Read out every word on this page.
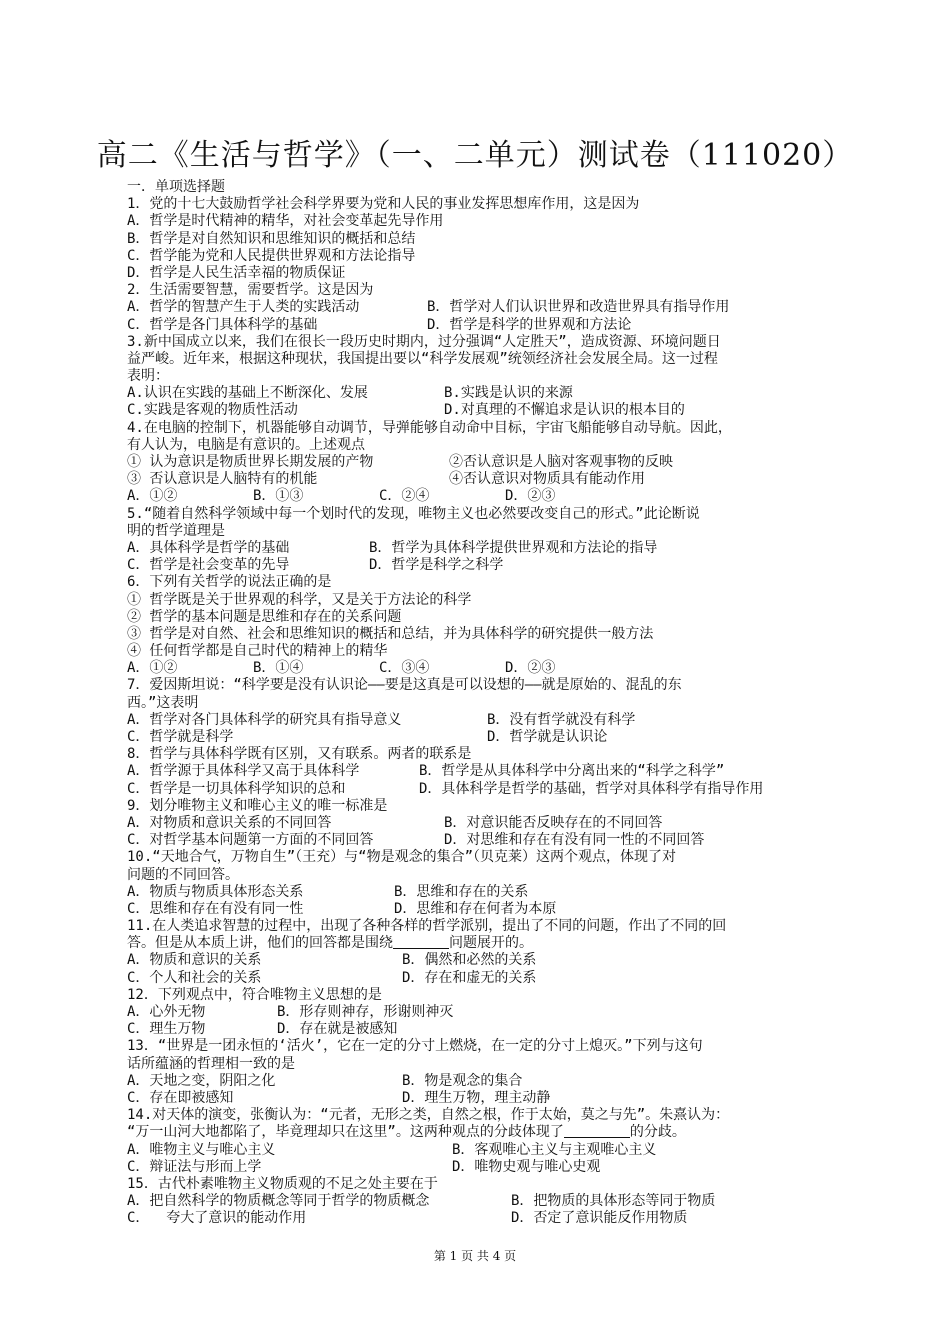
高二《生活与哲学》（一、二单元）测试卷（111020）
一．单项选择题
1．党的十七大鼓励哲学社会科学界要为党和人民的事业发挥思想库作用，这是因为
A．哲学是时代精神的精华，对社会变革起先导作用
B．哲学是对自然知识和思维知识的概括和总结
C．哲学能为党和人民提供世界观和方法论指导
D．哲学是人民生活幸福的物质保证
2．生活需要智慧，需要哲学。这是因为
A．哲学的智慧产生于人类的实践活动	B．哲学对人们认识世界和改造世界具有指导作用
C．哲学是各门具体科学的基础	D．哲学是科学的世界观和方法论
3.新中国成立以来，我们在很长一段历史时期内，过分强调“人定胜天”，造成资源、环境问题日
益严峻。近年来，根据这种现状，我国提出要以“科学发展观”统领经济社会发展全局。这一过程
表明：
A.认识在实践的基础上不断深化、发展	B.实践是认识的来源
C.实践是客观的物质性活动	D.对真理的不懈追求是认识的根本目的
4.在电脑的控制下，机器能够自动调节，导弹能够自动命中目标，宇宙飞船能够自动导航。因此，
有人认为，电脑是有意识的。上述观点
① 认为意识是物质世界长期发展的产物	②否认意识是人脑对客观事物的反映
③ 否认意识是人脑特有的机能	④否认意识对物质具有能动作用
A．①②	B．①③	C．②④	D．②③
5.“随着自然科学领域中每一个划时代的发现，唯物主义也必然要改变自己的形式。”此论断说
明的哲学道理是
A．具体科学是哲学的基础	B．哲学为具体科学提供世界观和方法论的指导
C．哲学是社会变革的先导	D．哲学是科学之科学
6．下列有关哲学的说法正确的是
① 哲学既是关于世界观的科学，又是关于方法论的科学
② 哲学的基本问题是思维和存在的关系问题
③ 哲学是对自然、社会和思维知识的概括和总结，并为具体科学的研究提供一般方法
④ 任何哲学都是自己时代的精神上的精华
A．①②	B．①④	C．③④	D．②③
7．爱因斯坦说：“科学要是没有认识论——要是这真是可以设想的——就是原始的、混乱的东
西。”这表明
A．哲学对各门具体科学的研究具有指导意义	B．没有哲学就没有科学
C．哲学就是科学	D．哲学就是认识论
8．哲学与具体科学既有区别，又有联系。两者的联系是
A．哲学源于具体科学又高于具体科学	B．哲学是从具体科学中分离出来的“科学之科学”
C．哲学是一切具体科学知识的总和	D．具体科学是哲学的基础，哲学对具体科学有指导作用
9．划分唯物主义和唯心主义的唯一标准是
A．对物质和意识关系的不同回答	B．对意识能否反映存在的不同回答
C．对哲学基本问题第一方面的不同回答	D．对思维和存在有没有同一性的不同回答
10.“天地合气，万物自生”（王充）与“物是观念的集合”（贝克莱）这两个观点，体现了对
问题的不同回答。
A．物质与物质具体形态关系	B．思维和存在的关系
C．思维和存在有没有同一性	D．思维和存在何者为本原
11.在人类追求智慧的过程中，出现了各种各样的哲学派别，提出了不同的问题，作出了不同的回
答。但是从本质上讲，他们的回答都是围绕	问题展开的。
A．物质和意识的关系	B．偶然和必然的关系
C．个人和社会的关系	D．存在和虚无的关系
12．下列观点中，符合唯物主义思想的是
A．心外无物	B．形存则神存，形谢则神灭
C．理生万物	D．存在就是被感知
13．“世界是一团永恒的‘活火’，它在一定的分寸上燃烧，在一定的分寸上熄灭。”下列与这句
话所蕴涵的哲理相一致的是
A．天地之变，阴阳之化	B．物是观念的集合
C．存在即被感知	D．理生万物，理主动静
14.对天体的演变，张衡认为：“元者，无形之类，自然之根，作于太始，莫之与先”。朱熹认为：
“万一山河大地都陷了，毕竟理却只在这里”。这两种观点的分歧体现了	的分歧。
A．唯物主义与唯心主义	B．客观唯心主义与主观唯心主义
C．辩证法与形而上学	D．唯物史观与唯心史观
15．古代朴素唯物主义物质观的不足之处主要在于
A．把自然科学的物质概念等同于哲学的物质概念	B．把物质的具体形态等同于物质
C．  夸大了意识的能动作用	D．否定了意识能反作用物质
第 1 页 共 4 页
